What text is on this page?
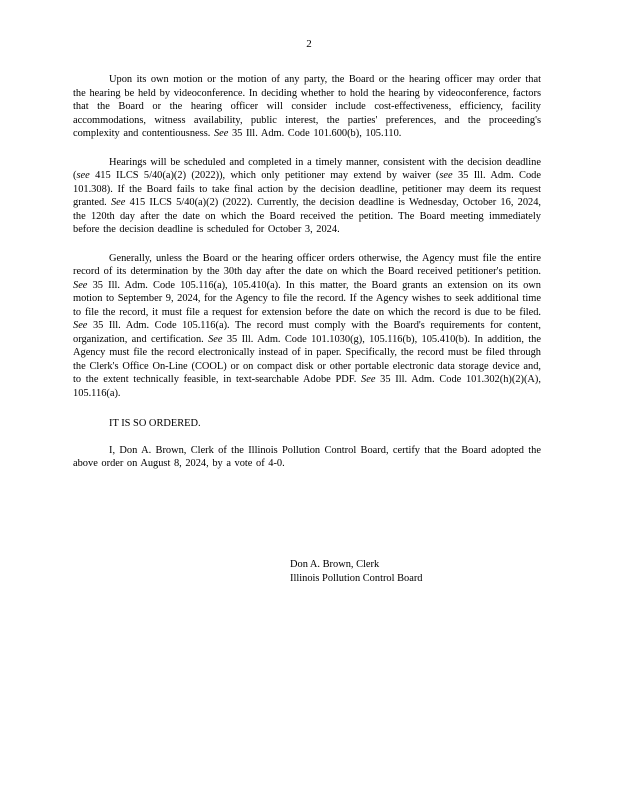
2

Upon its own motion or the motion of any party, the Board or the hearing officer may order that the hearing be held by videoconference. In deciding whether to hold the hearing by videoconference, factors that the Board or the hearing officer will consider include cost-effectiveness, efficiency, facility accommodations, witness availability, public interest, the parties' preferences, and the proceeding's complexity and contentiousness. See 35 Ill. Adm. Code 101.600(b), 105.110.

Hearings will be scheduled and completed in a timely manner, consistent with the decision deadline (see 415 ILCS 5/40(a)(2) (2022)), which only petitioner may extend by waiver (see 35 Ill. Adm. Code 101.308). If the Board fails to take final action by the decision deadline, petitioner may deem its request granted. See 415 ILCS 5/40(a)(2) (2022). Currently, the decision deadline is Wednesday, October 16, 2024, the 120th day after the date on which the Board received the petition. The Board meeting immediately before the decision deadline is scheduled for October 3, 2024.

Generally, unless the Board or the hearing officer orders otherwise, the Agency must file the entire record of its determination by the 30th day after the date on which the Board received petitioner's petition. See 35 Ill. Adm. Code 105.116(a), 105.410(a). In this matter, the Board grants an extension on its own motion to September 9, 2024, for the Agency to file the record. If the Agency wishes to seek additional time to file the record, it must file a request for extension before the date on which the record is due to be filed. See 35 Ill. Adm. Code 105.116(a). The record must comply with the Board's requirements for content, organization, and certification. See 35 Ill. Adm. Code 101.1030(g), 105.116(b), 105.410(b). In addition, the Agency must file the record electronically instead of in paper. Specifically, the record must be filed through the Clerk's Office On-Line (COOL) or on compact disk or other portable electronic data storage device and, to the extent technically feasible, in text-searchable Adobe PDF. See 35 Ill. Adm. Code 101.302(h)(2)(A), 105.116(a).

IT IS SO ORDERED.

I, Don A. Brown, Clerk of the Illinois Pollution Control Board, certify that the Board adopted the above order on August 8, 2024, by a vote of 4-0.

Don A. Brown, Clerk
Illinois Pollution Control Board
